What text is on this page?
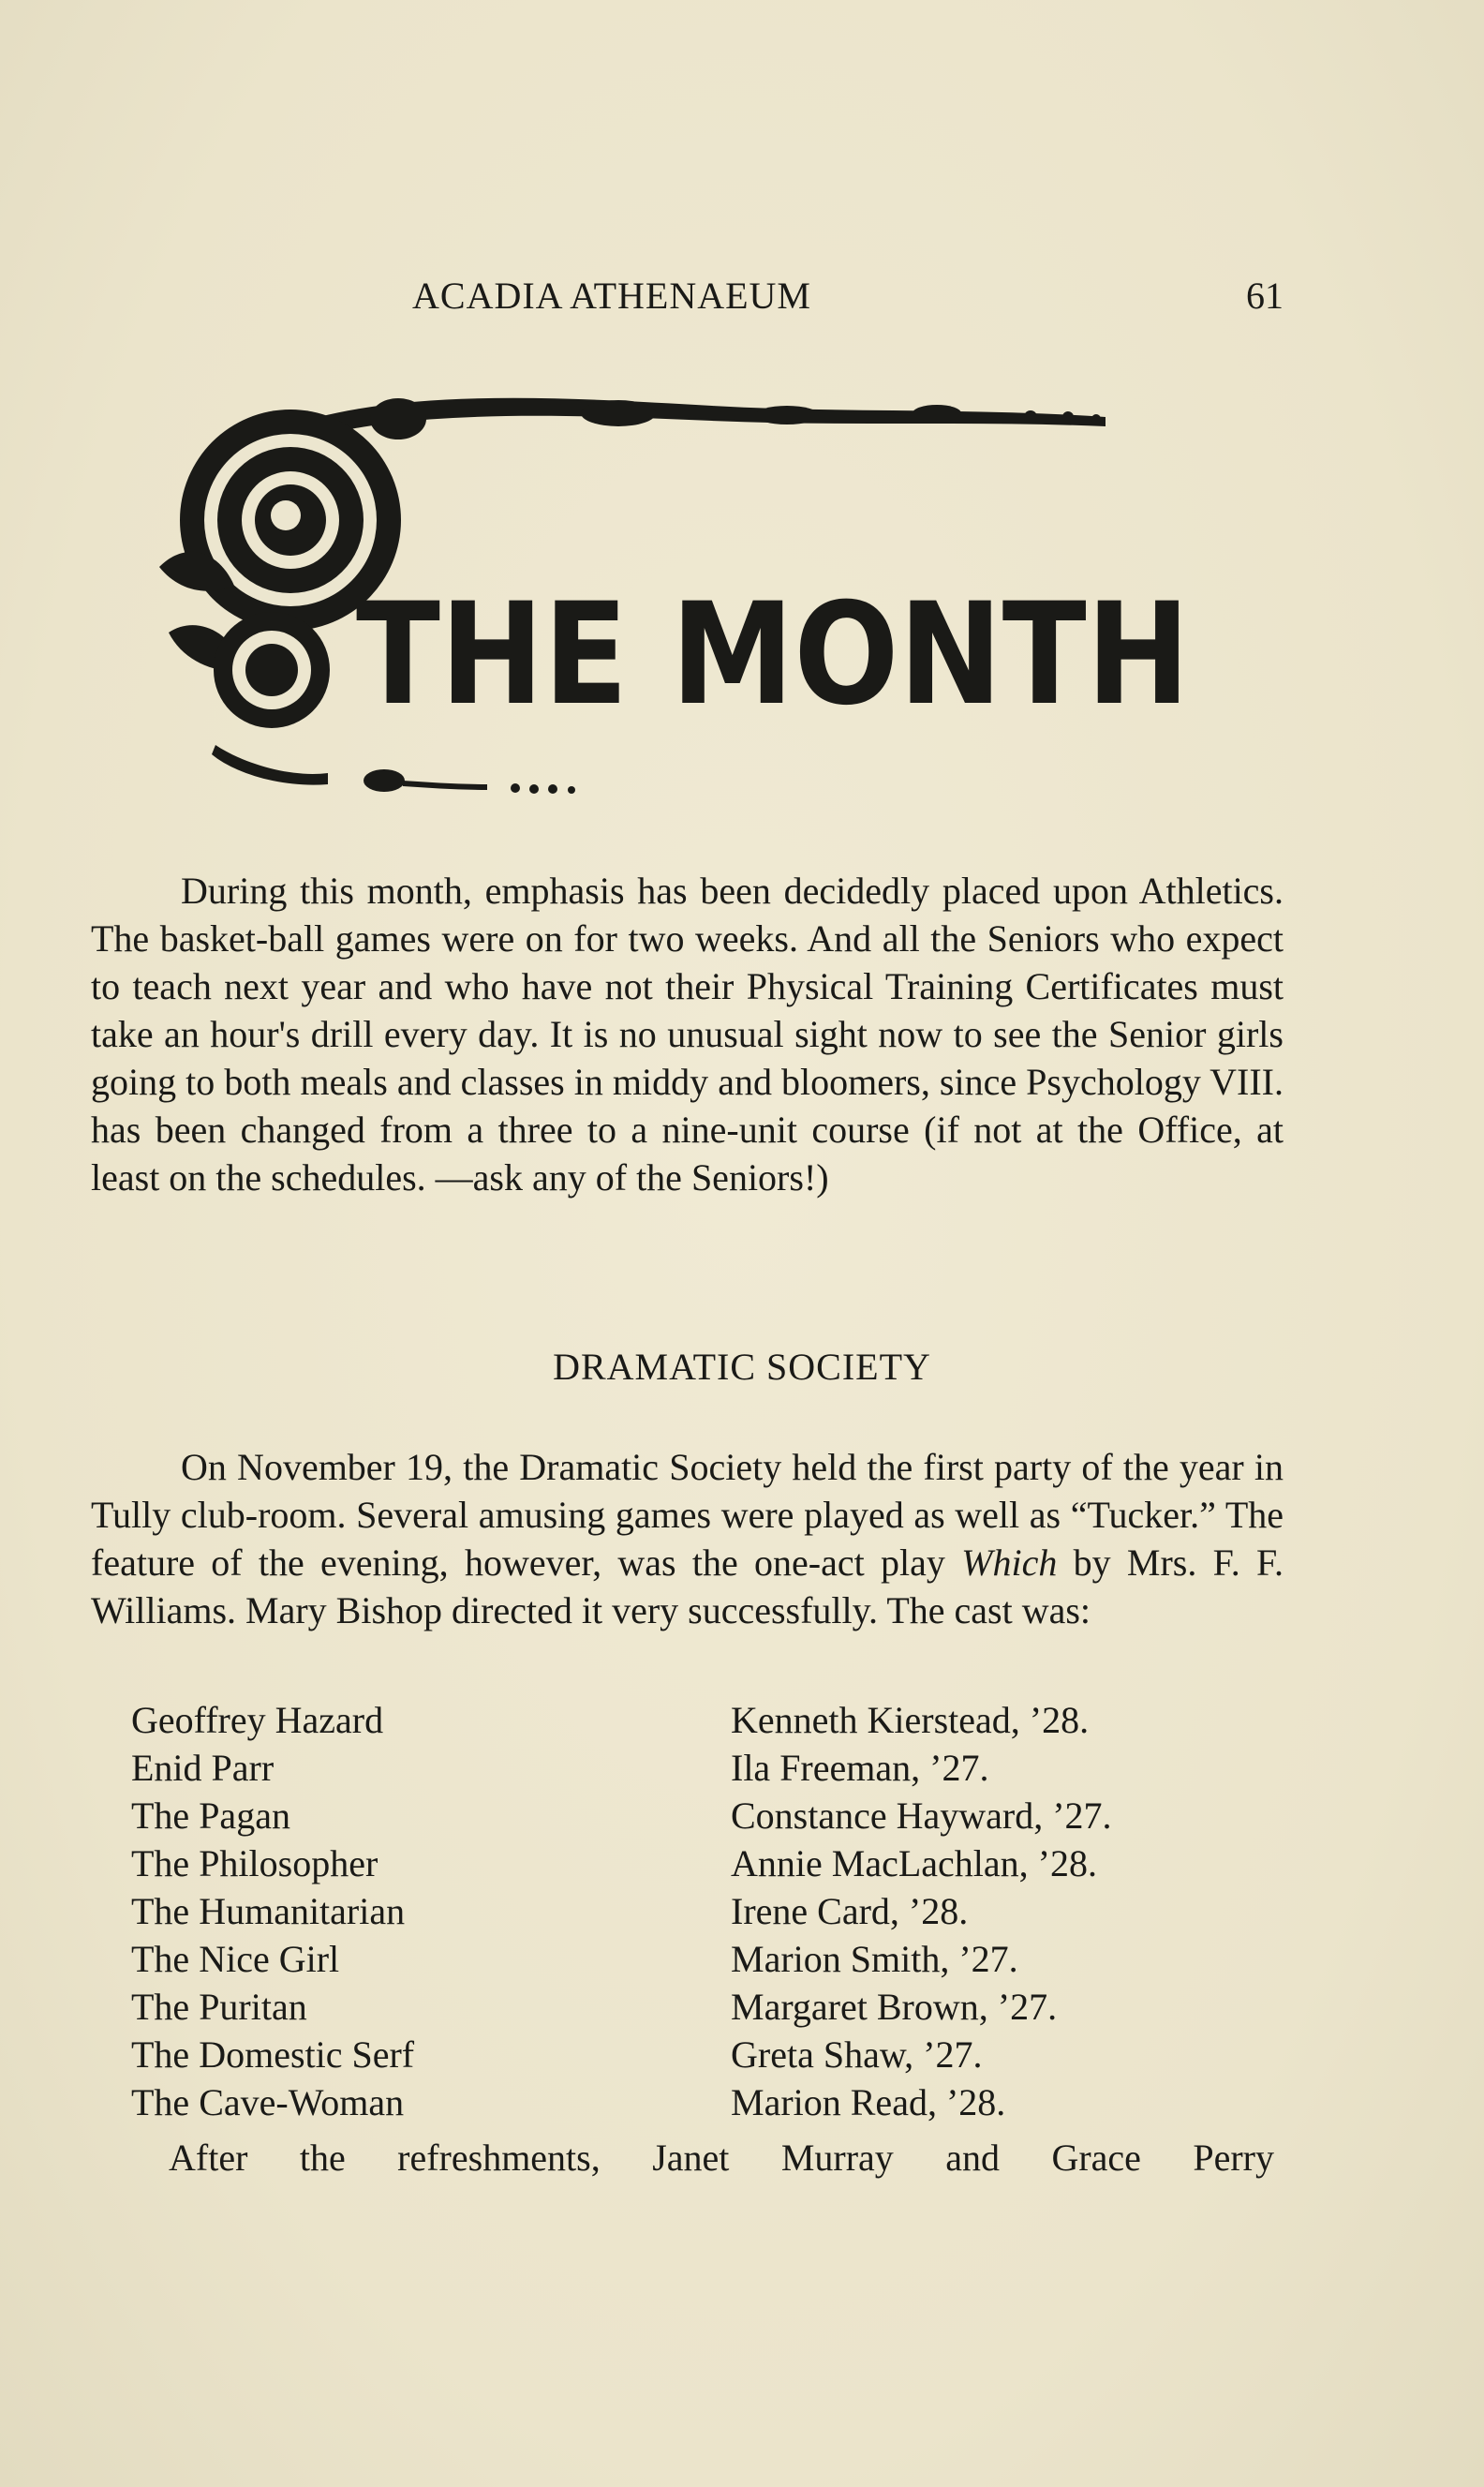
ACADIA ATHENAEUM	61
THE MONTH

During this month, emphasis has been decidedly placed upon Athletics. The basket-ball games were on for two weeks. And all the Seniors who expect to teach next year and who have not their Physical Training Certificates must take an hour's drill every day. It is no unusual sight now to see the Senior girls going to both meals and classes in middy and bloomers, since Psychology VIII. has been changed from a three to a nine-unit course (if not at the Office, at least on the schedules. —ask any of the Seniors!)

DRAMATIC SOCIETY

On November 19, the Dramatic Society held the first party of the year in Tully club-room. Several amusing games were played as well as “Tucker.” The feature of the evening, however, was the one-act play Which by Mrs. F. F. Williams. Mary Bishop directed it very successfully. The cast was:

Geoffrey Hazard	Kenneth Kierstead, ’28.
Enid Parr	Ila Freeman, ’27.
The Pagan	Constance Hayward, ’27.
The Philosopher	Annie MacLachlan, ’28.
The Humanitarian	Irene Card, ’28.
The Nice Girl	Marion Smith, ’27.
The Puritan	Margaret Brown, ’27.
The Domestic Serf	Greta Shaw, ’27.
The Cave-Woman	Marion Read, ’28.
After the refreshments, Janet Murray and Grace Perry
